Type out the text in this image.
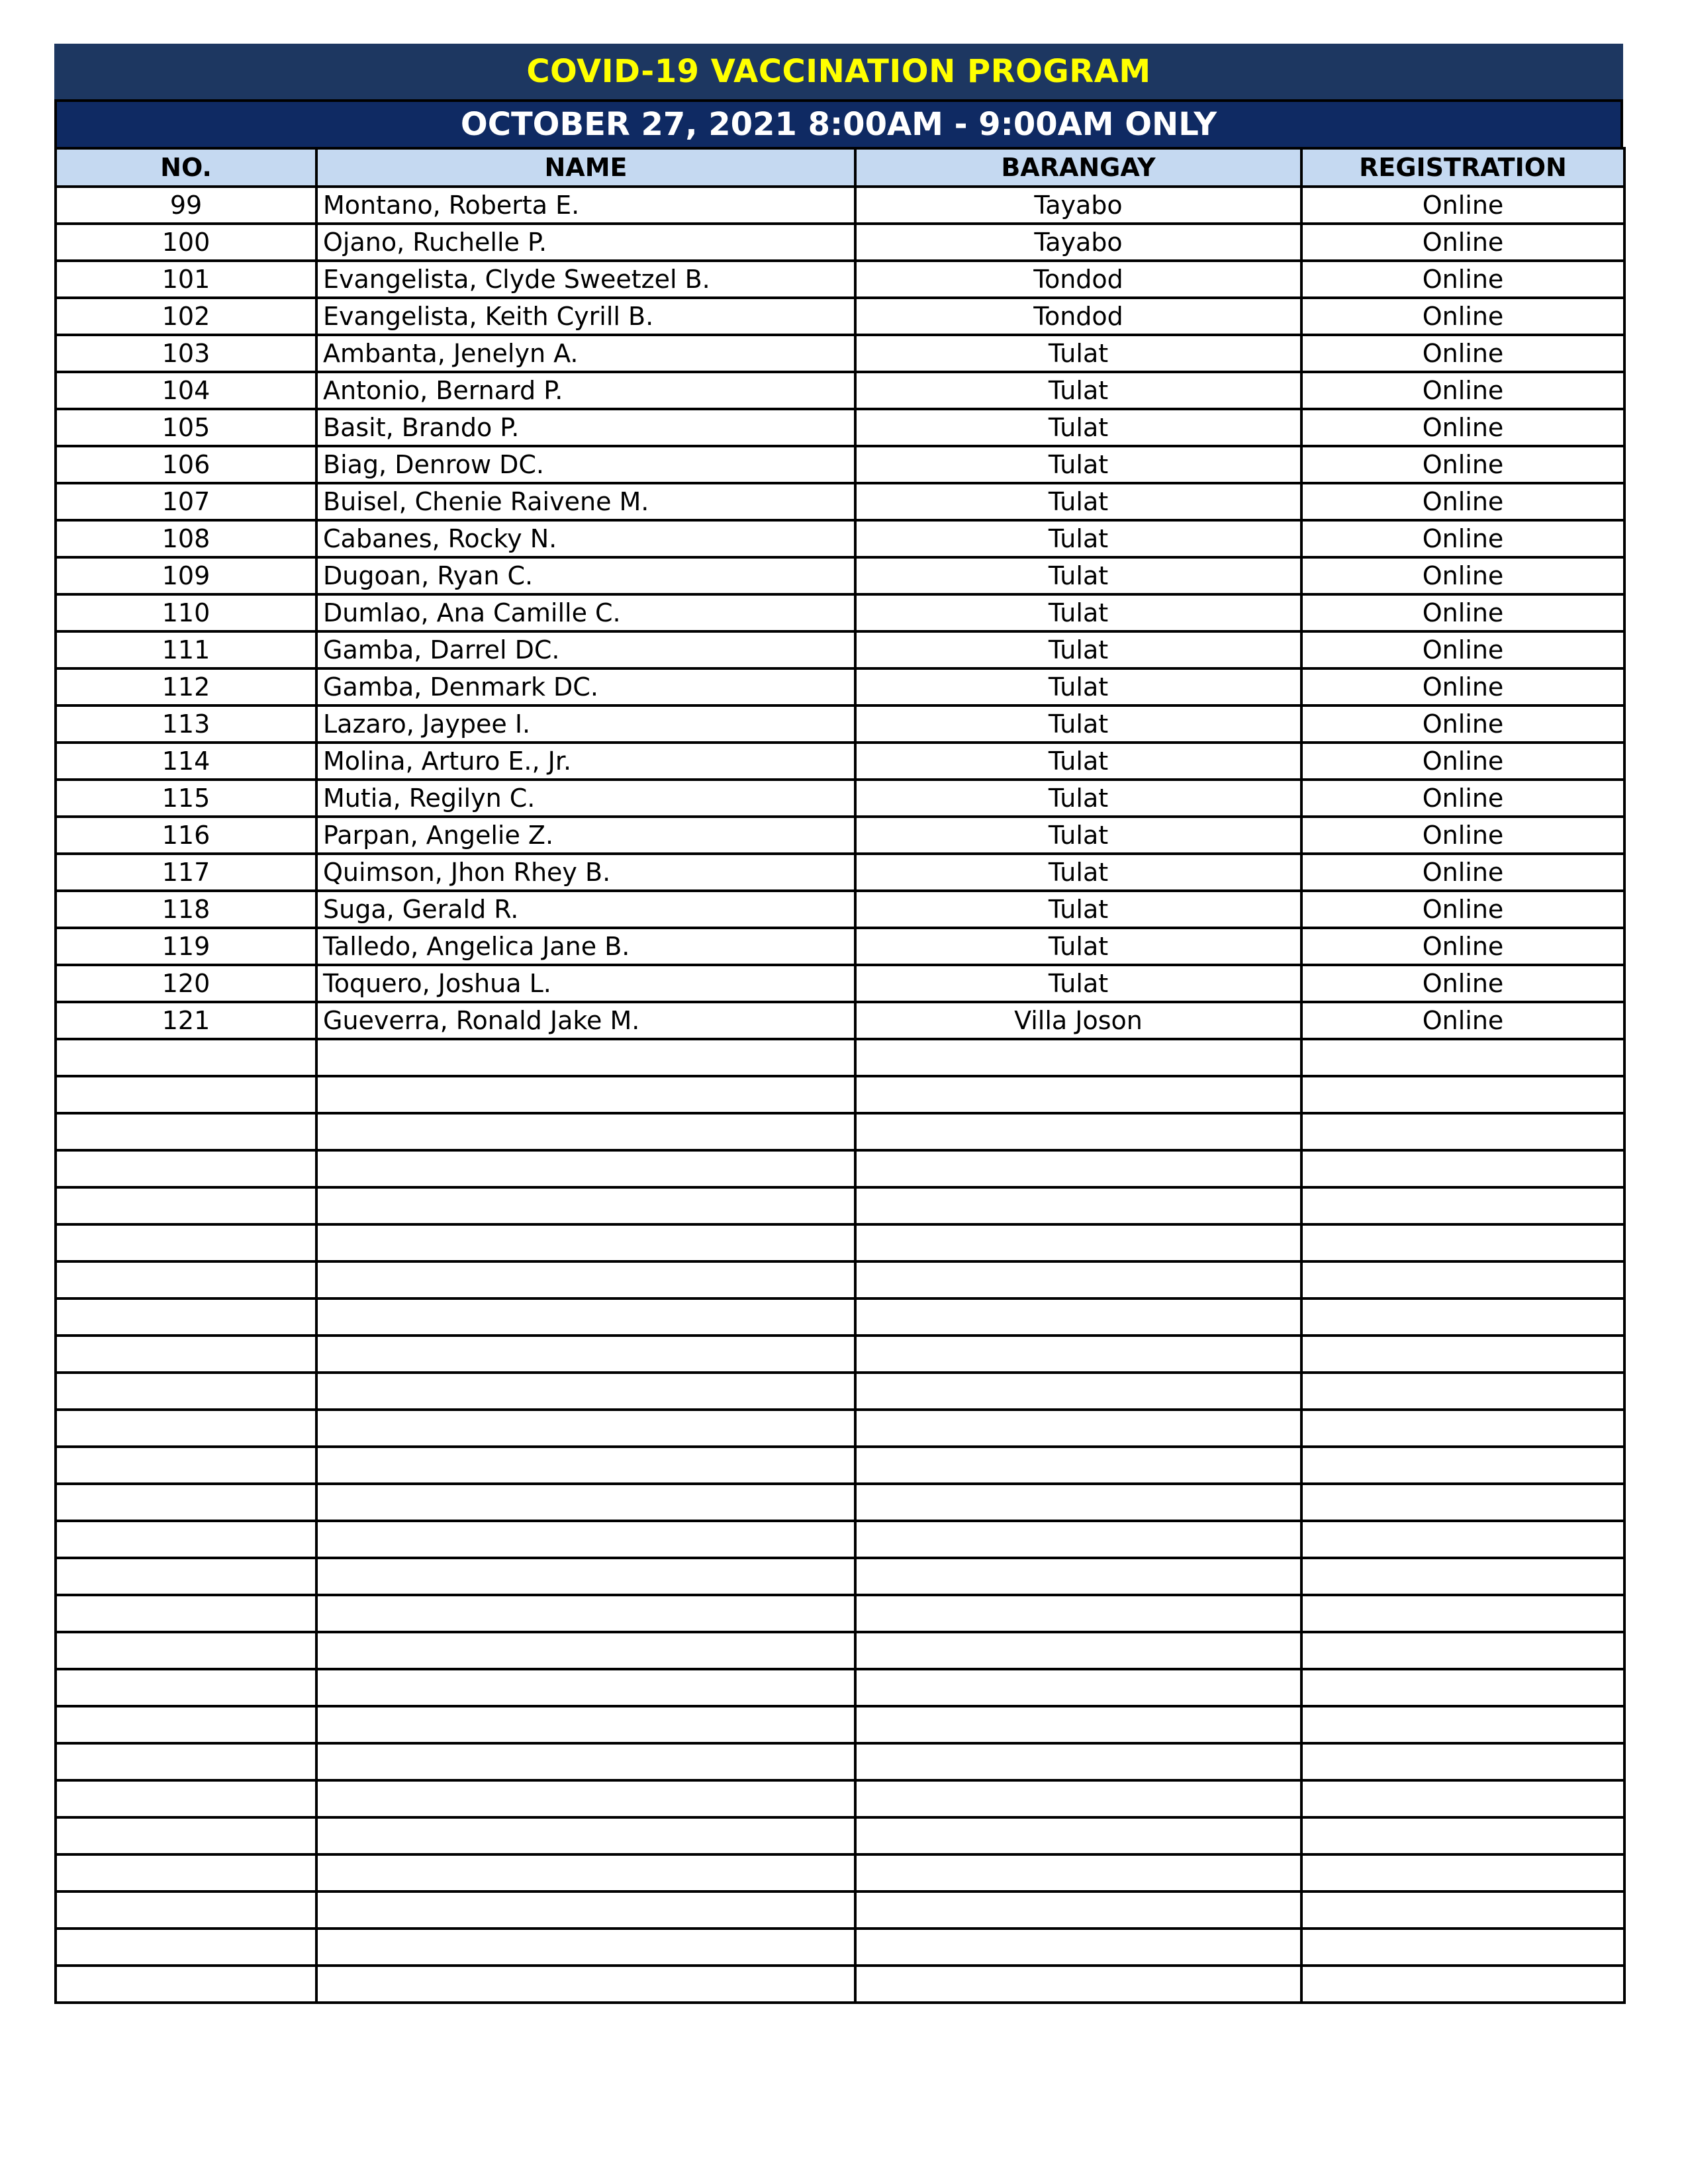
COVID-19 VACCINATION PROGRAM
OCTOBER 27, 2021 8:00AM - 9:00AM ONLY
NO.	NAME	BARANGAY	REGISTRATION
99	Montano, Roberta E.	Tayabo	Online
100	Ojano, Ruchelle P.	Tayabo	Online
101	Evangelista, Clyde Sweetzel B.	Tondod	Online
102	Evangelista, Keith Cyrill B.	Tondod	Online
103	Ambanta, Jenelyn A.	Tulat	Online
104	Antonio, Bernard P.	Tulat	Online
105	Basit, Brando P.	Tulat	Online
106	Biag, Denrow DC.	Tulat	Online
107	Buisel, Chenie Raivene M.	Tulat	Online
108	Cabanes, Rocky N.	Tulat	Online
109	Dugoan, Ryan C.	Tulat	Online
110	Dumlao, Ana Camille C.	Tulat	Online
111	Gamba, Darrel DC.	Tulat	Online
112	Gamba, Denmark DC.	Tulat	Online
113	Lazaro, Jaypee I.	Tulat	Online
114	Molina, Arturo E., Jr.	Tulat	Online
115	Mutia, Regilyn C.	Tulat	Online
116	Parpan, Angelie Z.	Tulat	Online
117	Quimson, Jhon Rhey B.	Tulat	Online
118	Suga, Gerald R.	Tulat	Online
119	Talledo, Angelica Jane B.	Tulat	Online
120	Toquero, Joshua L.	Tulat	Online
121	Gueverra, Ronald Jake M.	Villa Joson	Online
